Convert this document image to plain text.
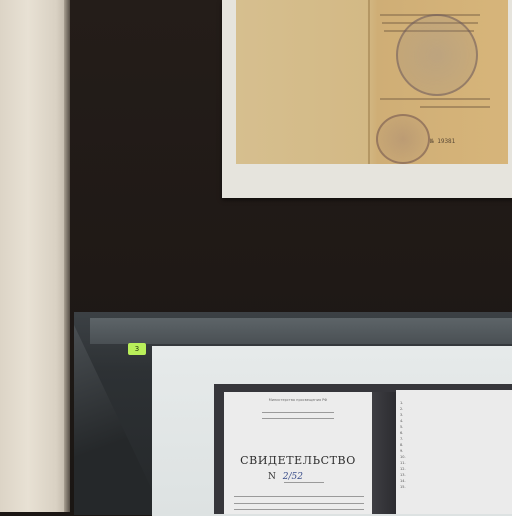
№ 19381
3
Министерство просвещения РФ
СВИДЕТЕЛЬСТВО
N 2/52
1.
2.
3.
4.
5.
6.
7.
8.
9.
10.
11.
12.
13.
14.
15.
